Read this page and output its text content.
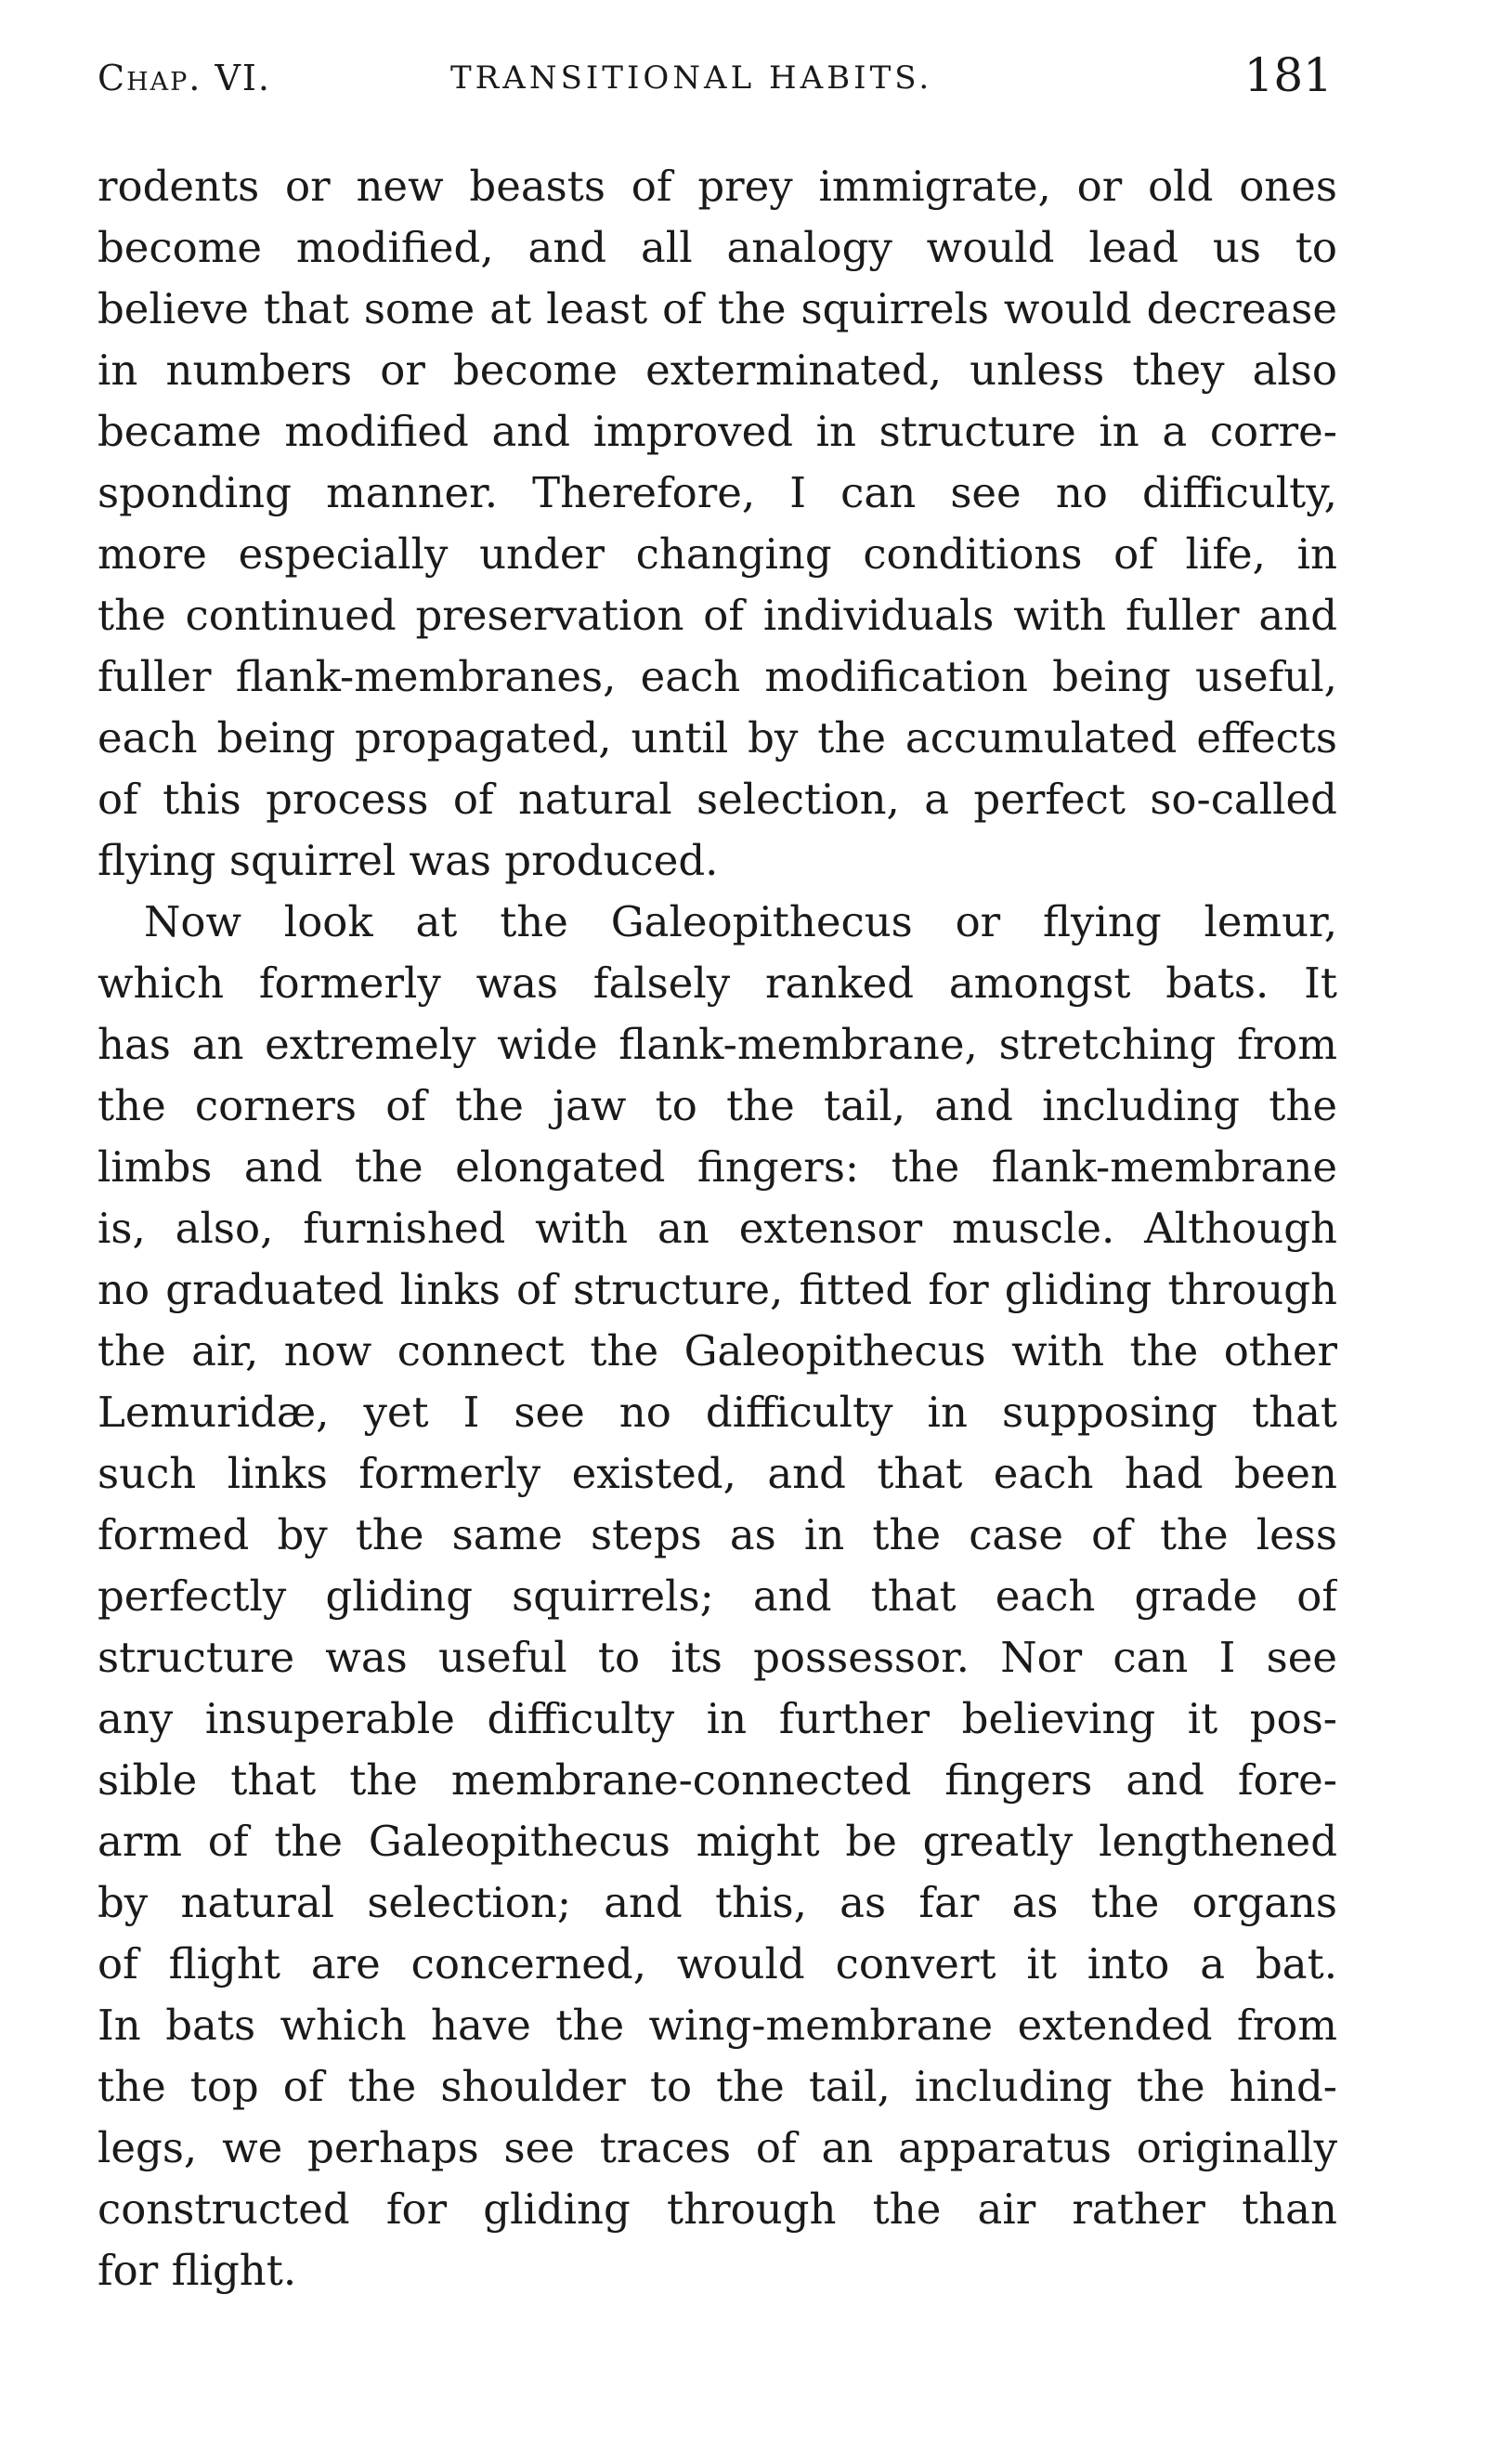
Chap. VI.	TRANSITIONAL HABITS.	181
rodents or new beasts of prey immigrate, or old ones
become modified, and all analogy would lead us to
believe that some at least of the squirrels would decrease
in numbers or become exterminated, unless they also
became modified and improved in structure in a corre-
sponding manner. Therefore, I can see no difficulty,
more especially under changing conditions of life, in
the continued preservation of individuals with fuller and
fuller flank-membranes, each modification being useful,
each being propagated, until by the accumulated effects
of this process of natural selection, a perfect so-called
flying squirrel was produced.
Now look at the Galeopithecus or flying lemur,
which formerly was falsely ranked amongst bats. It
has an extremely wide flank-membrane, stretching from
the corners of the jaw to the tail, and including the
limbs and the elongated fingers: the flank-membrane
is, also, furnished with an extensor muscle. Although
no graduated links of structure, fitted for gliding through
the air, now connect the Galeopithecus with the other
Lemuridæ, yet I see no difficulty in supposing that
such links formerly existed, and that each had been
formed by the same steps as in the case of the less
perfectly gliding squirrels; and that each grade of
structure was useful to its possessor. Nor can I see
any insuperable difficulty in further believing it pos-
sible that the membrane-connected fingers and fore-
arm of the Galeopithecus might be greatly lengthened
by natural selection; and this, as far as the organs
of flight are concerned, would convert it into a bat.
In bats which have the wing-membrane extended from
the top of the shoulder to the tail, including the hind-
legs, we perhaps see traces of an apparatus originally
constructed for gliding through the air rather than
for flight.
